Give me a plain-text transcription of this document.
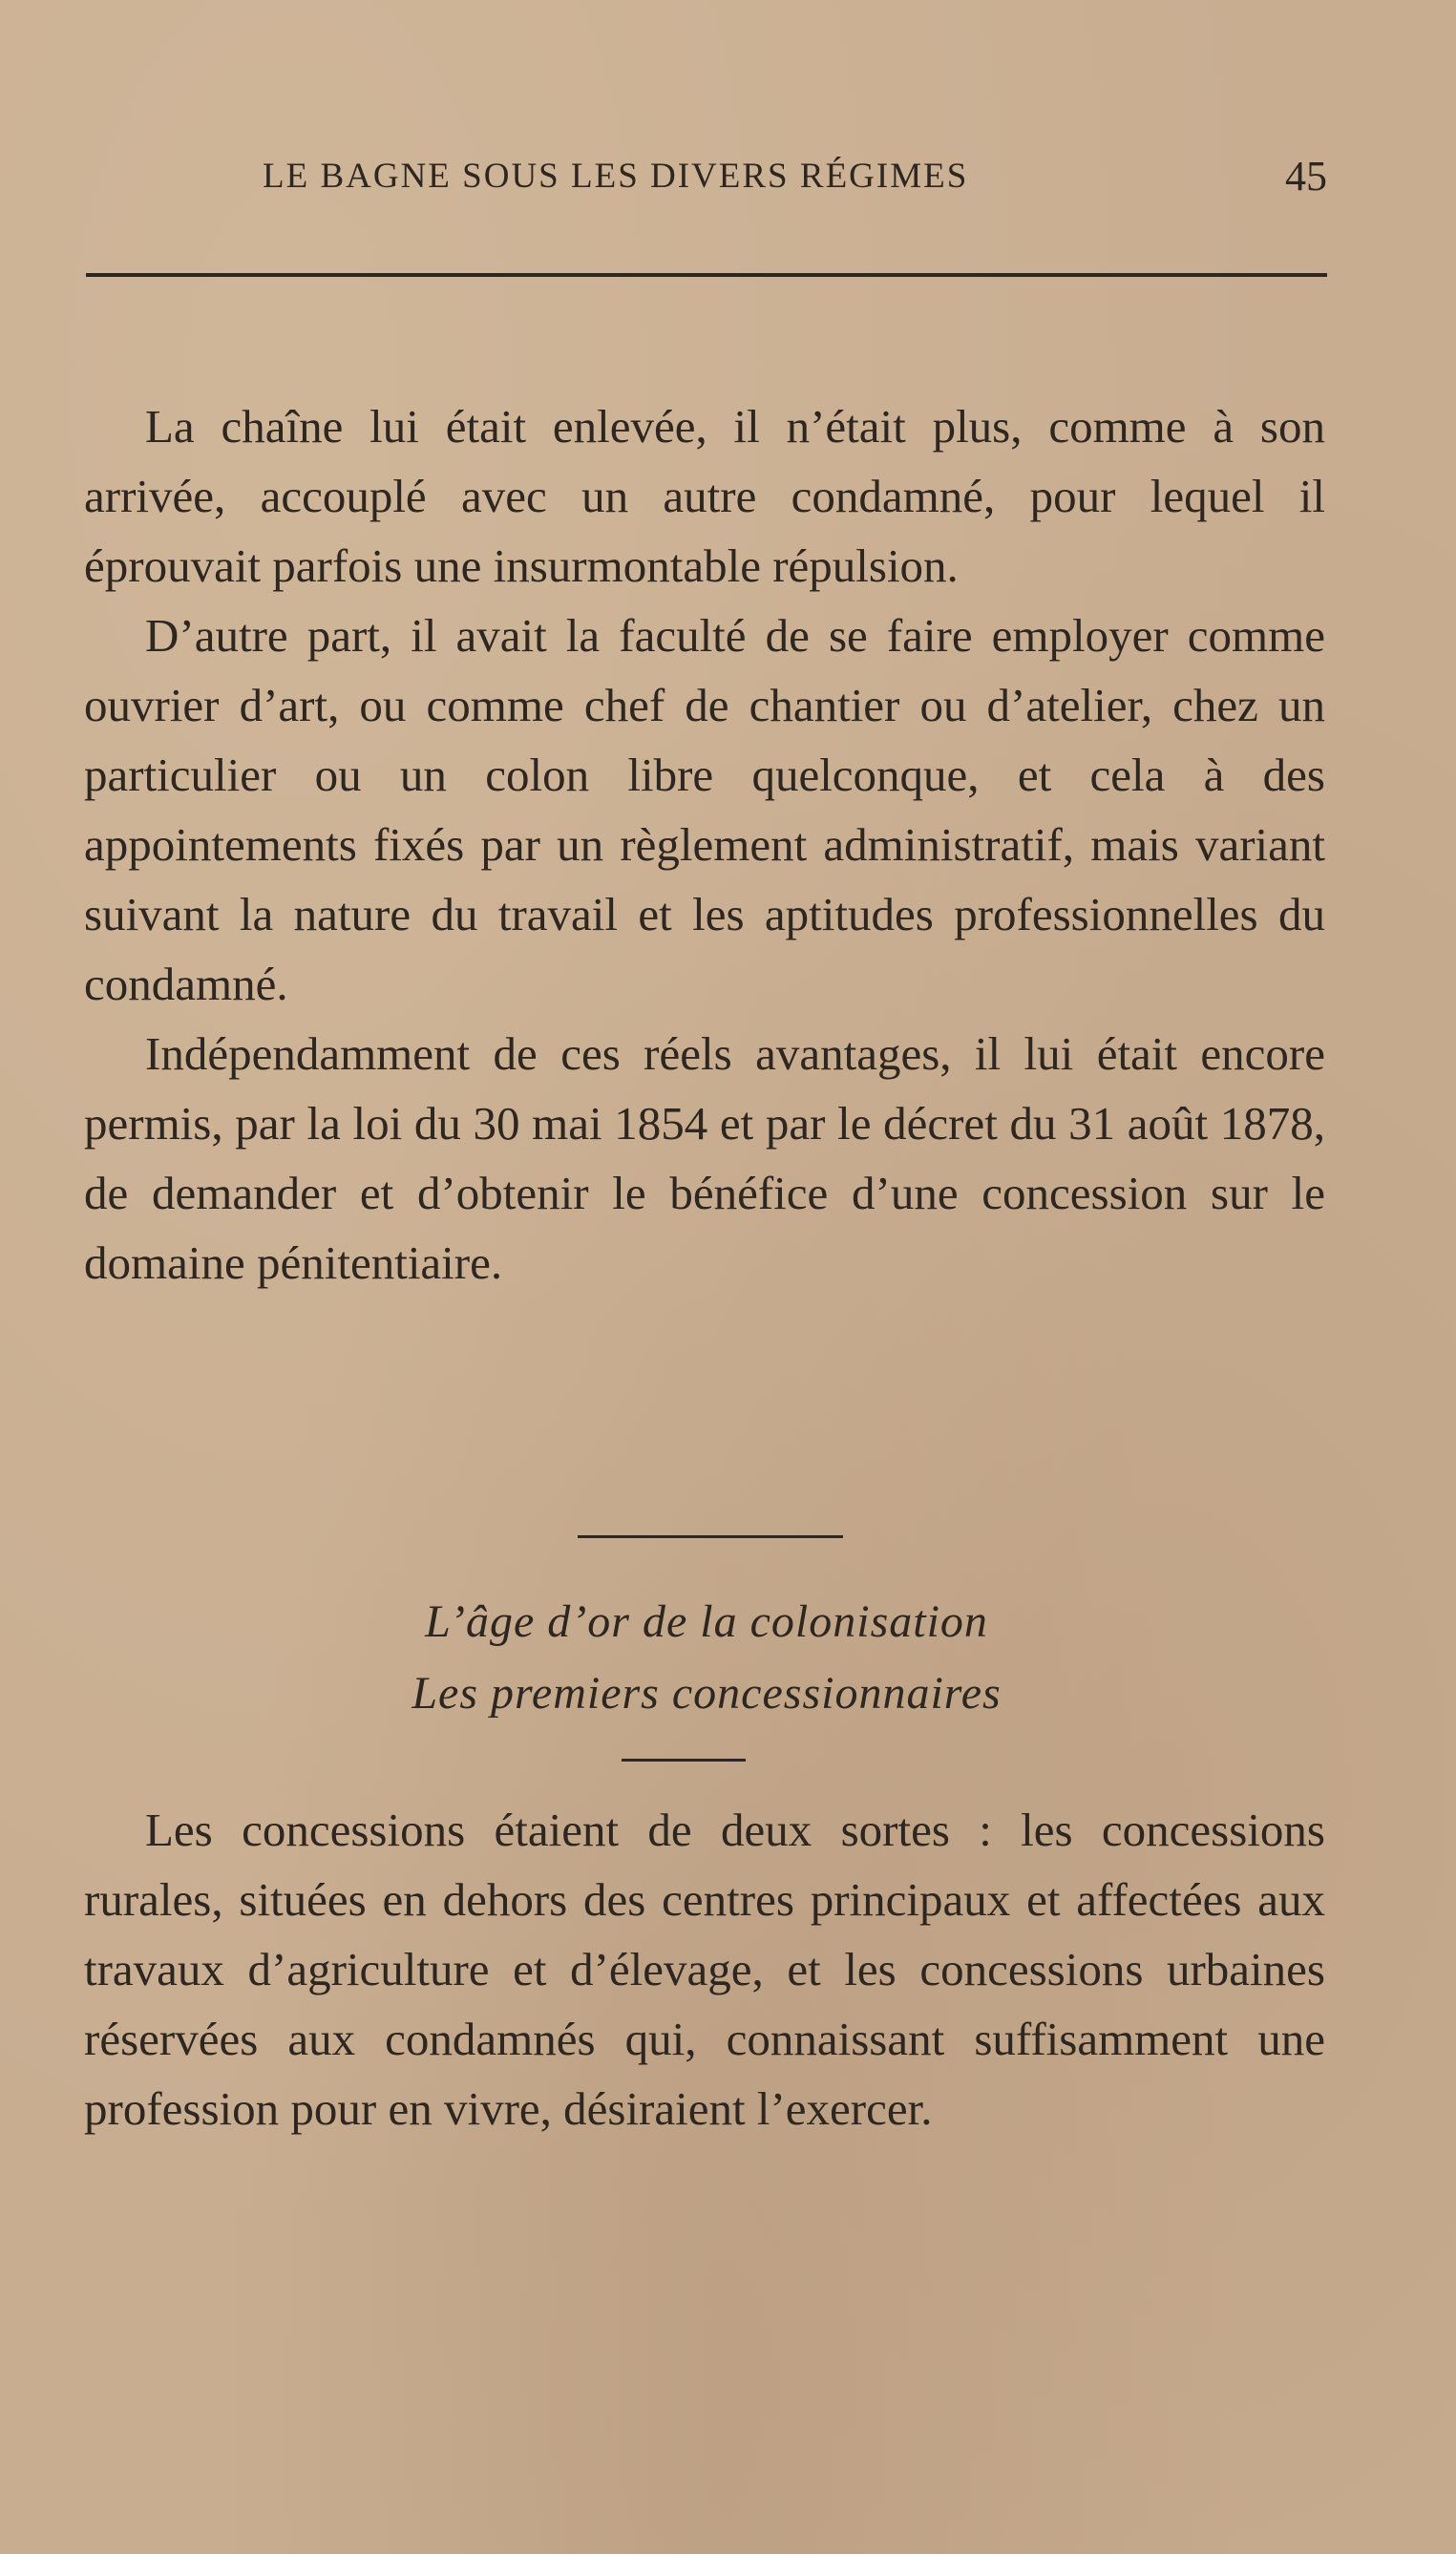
LE BAGNE SOUS LES DIVERS RÉGIMES	45

La chaîne lui était enlevée, il n’était plus, comme à son arrivée, accouplé avec un autre condamné, pour lequel il éprouvait parfois une insurmontable répulsion.

D’autre part, il avait la faculté de se faire employer comme ouvrier d’art, ou comme chef de chantier ou d’atelier, chez un particulier ou un colon libre quelconque, et cela à des appointements fixés par un règlement administratif, mais variant suivant la nature du travail et les aptitudes professionnelles du condamné.

Indépendamment de ces réels avantages, il lui était encore permis, par la loi du 30 mai 1854 et par le décret du 31 août 1878, de demander et d’obtenir le bénéfice d’une concession sur le domaine pénitentiaire.

L’âge d’or de la colonisation
Les premiers concessionnaires

Les concessions étaient de deux sortes : les concessions rurales, situées en dehors des centres principaux et affectées aux travaux d’agriculture et d’élevage, et les concessions urbaines réservées aux condamnés qui, connaissant suffisamment une profession pour en vivre, désiraient l’exercer.
